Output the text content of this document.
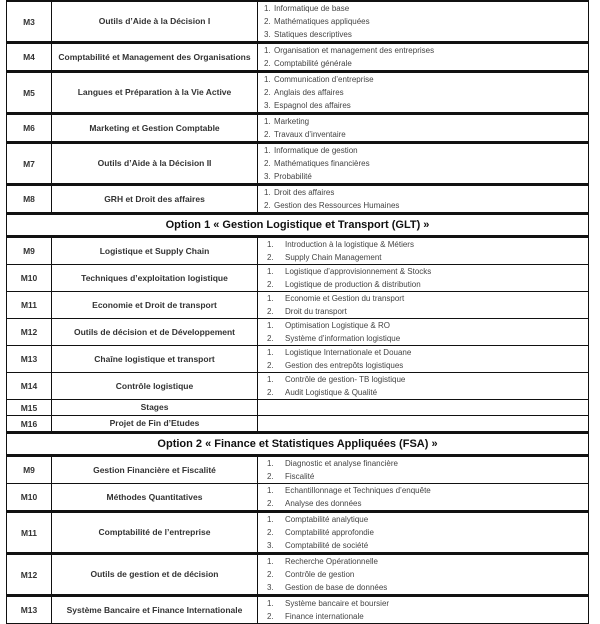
M3	Outils d’Aide à la Décision I	
1. Informatique de base
2. Mathématiques appliquées
3. Statiques descriptives

M4	Comptabilité et Management des Organisations	
1. Organisation et management des entreprises
2. Comptabilité générale

M5	Langues et Préparation à la Vie Active	
1. Communication d’entreprise
2. Anglais des affaires
3. Espagnol des affaires

M6	Marketing et Gestion Comptable	
1. Marketing
2. Travaux d’inventaire

M7	Outils d’Aide à la Décision II	
1. Informatique de gestion
2. Mathématiques financières
3. Probabilité

M8	GRH et Droit des affaires	
1. Droit des affaires
2. Gestion des Ressources Humaines

Option 1 « Gestion Logistique et Transport (GLT) »		
M9	Logistique et Supply Chain	
1. Introduction à la logistique & Métiers
2. Supply Chain Management

M10	Techniques d’exploitation logistique	
1. Logistique d’approvisionnement & Stocks
2. Logistique de production & distribution

M11	Economie et Droit de transport	
1. Economie et Gestion du transport
2. Droit du transport

M12	Outils de décision et de Développement	
1. Optimisation Logistique & RO
2. Système d’information logistique

M13	Chaîne logistique et transport	
1. Logistique Internationale et Douane
2. Gestion des entrepôts logistiques

M14	Contrôle logistique	
1. Contrôle de gestion- TB logistique
2. Audit Logistique & Qualité

M15	Stages	

M16	Projet de Fin d’Etudes	

Option 2 « Finance et Statistiques Appliquées (FSA) »		
M9	Gestion Financière et Fiscalité	
1. Diagnostic et analyse financière
2. Fiscalité

M10	Méthodes Quantitatives	
1. Echantillonnage et Techniques d’enquête
2. Analyse des données

M11	Comptabilité de l’entreprise	
1. Comptabilité analytique
2. Comptabilité approfondie
3. Comptabilité de société

M12	Outils de gestion et de décision	
1. Recherche Opérationnelle
2. Contrôle de gestion
3. Gestion de base de données

M13	Système Bancaire et Finance Internationale	
1. Système bancaire et boursier
2. Finance internationale
